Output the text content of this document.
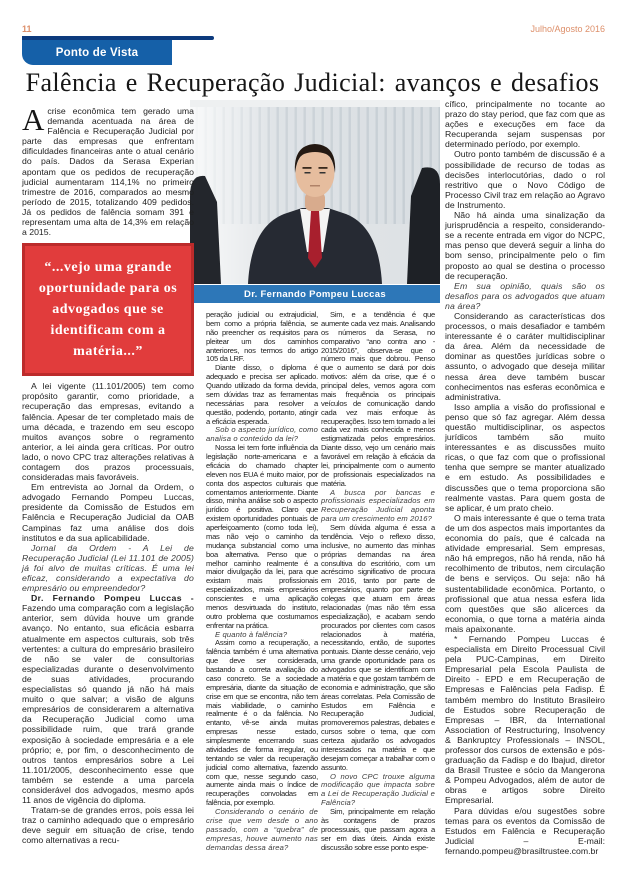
11	Julho/Agosto 2016
Ponto de Vista
Falência e Recuperação Judicial: avanços e desafios
Dr. Fernando Pompeu Luccas

Acrise econômica tem gerado uma demanda acentuada na área de Falência e Recuperação Judicial por parte das empresas que enfrentam dificuldades financeiras ante o atual cenário do país. Dados da Serasa Experian apontam que os pedidos de recuperação judicial aumentaram 114,1% no primeiro trimestre de 2016, comparados ao mesmo período de 2015, totalizando 409 pedidos. Já os pedidos de falência somam 391 e representam uma alta de 14,3% em relação a 2015.

“...vejo uma grande oportunidade para os advogados que se identificam com a matéria...”

A lei vigente (11.101/2005) tem como propósito garantir, como prioridade, a recuperação das empresas, evitando a falência. Apesar de ter completado mais de uma década, e trazendo em seu escopo muitos avanços sobre o regramento anterior, a lei ainda gera críticas. Por outro lado, o novo CPC traz alterações relativas à contagem dos prazos processuais, consideradas mais favoráveis.

Em entrevista ao Jornal da Ordem, o advogado Fernando Pompeu Luccas, presidente da Comissão de Estudos em Falência e Recuperação Judicial da OAB Campinas faz uma análise dos dois institutos e da sua aplicabilidade.

Jornal da Ordem - A Lei de Recuperação Judicial (Lei 11.101 de 2005) já foi alvo de muitas críticas. É uma lei eficaz, considerando a expectativa do empresário ou empreendedor?

Dr. Fernando Pompeu Luccas - Fazendo uma comparação com a legislação anterior, sem dúvida houve um grande avanço. No entanto, sua eficácia esbarra atualmente em aspectos culturais, sob três vertentes: a cultura do empresário brasileiro de não se valer de consultorias especializadas durante o desenvolvimento de suas atividades, procurando especialistas só quando já não há mais muito o que salvar; a visão de alguns empresários de considerarem a alternativa da Recuperação Judicial como uma possibilidade ruim, que trará grande exposição à sociedade empresária e a ele próprio; e, por fim, o desconhecimento de outros tantos empresários sobre a Lei 11.101/2005, desconhecimento esse que também se estende a uma parcela considerável dos advogados, mesmo após 11 anos de vigência do diploma.

Tratam-se de grandes erros, pois essa lei traz o caminho adequado que o empresário deve seguir em situação de crise, tendo como alternativas a recu-

peração judicial ou extrajudicial, bem como a própria falência, se não preencher os requisitos para pleitear um dos caminhos anteriores, nos termos do artigo 105 da LRF.

Diante disso, o diploma é adequado e precisa ser aplicado. Quando utilizado da forma devida, sem dúvidas traz as ferramentas necessárias para resolver a questão, podendo, portanto, atingir a eficácia esperada.

Sob o aspecto jurídico, como analisa o conteúdo da lei?

Nossa lei tem forte influência da legislação norte-americana e a eficácia do chamado chapter eleven nos EUA é muito maior, por conta dos aspectos culturais que comentamos anteriormente. Diante disso, minha análise sob o aspecto jurídico é positiva. Claro que existem oportunidades pontuais de aperfeiçoamento (como toda lei), mas não vejo o caminho da mudança substancial como uma boa alternativa. Penso que o melhor caminho realmente é a maior divulgação da lei, para que existam mais profissionais especializados, mais empresários conscientes e uma aplicação menos desvirtuada do instituto, outro problema que costumamos enfrentar na prática.

E quanto à falência?

Assim como a recuperação, a falência também é uma alternativa que deve ser considerada, bastando a correta avaliação do caso concreto. Se a sociedade empresária, diante da situação de crise em que se encontra, não tem mais viabilidade, o caminho realmente é o da falência. No entanto, vê-se ainda muitas empresas nesse estado, simplesmente encerrando suas atividades de forma irregular, ou tentando se valer da recuperação judicial como alternativa, fazendo com que, nesse segundo caso, aumente ainda mais o índice de recuperações convoladas em falência, por exemplo.

Considerando o cenário de crise que vem desde o ano passado, com a “quebra” de empresas, houve aumento nas demandas dessa área?

Sim, e a tendência é que aumente cada vez mais. Analisando os números da Serasa, no comparativo “ano contra ano - 2015/2016”, observa-se que o número mais que dobrou. Penso que o aumento se dará por dois motivos: além da crise, que é o principal deles, vemos agora com mais frequência os principais veículos de comunicação dando cada vez mais enfoque às recuperações. Isso tem tornado a lei cada vez mais conhecida e menos estigmatizada pelos empresários. Diante disso, vejo um cenário mais favorável em relação à eficácia da lei, principalmente com o aumento de profissionais especializados na matéria.

A busca por bancas e profissionais especializados em Recuperação Judicial aponta para um crescimento em 2016?

Sem dúvida alguma é essa a tendência. Vejo o reflexo disso, inclusive, no aumento das minhas próprias demandas na área consultiva do escritório, com um acréscimo significativo de procura em 2016, tanto por parte de empresários, quanto por parte de colegas que atuam em áreas relacionadas (mas não têm essa especialização), e acabam sendo procurados por clientes com casos relacionados à matéria, necessitando, então, de suportes pontuais. Diante desse cenário, vejo uma grande oportunidade para os advogados que se identificam com a matéria e que gostam também de economia e administração, que são áreas correlatas. Pela Comissão de Estudos em Falência e Recuperação Judicial, promoveremos palestras, debates e cursos sobre o tema, que com certeza ajudarão os advogados interessados na matéria e que desejam começar a trabalhar com o assunto.

O novo CPC trouxe alguma modificação que impacta sobre a Lei de Recuperação Judicial e Falência?

Sim, principalmente em relação às contagens de prazos processuais, que passam agora a ser em dias úteis. Ainda existe discussão sobre esse ponto espe-

cífico, principalmente no tocante ao prazo do stay period, que faz com que as ações e execuções em face da Recuperanda sejam suspensas por determinado período, por exemplo.

Outro ponto também de discussão é a possibilidade de recurso de todas as decisões interlocutórias, dado o rol restritivo que o Novo Código de Processo Civil traz em relação ao Agravo de Instrumento.

Não há ainda uma sinalização da jurisprudência a respeito, considerando-se a recente entrada em vigor do NCPC, mas penso que deverá seguir a linha do bom senso, principalmente pelo o fim proposto ao qual se destina o processo de recuperação.

Em sua opinião, quais são os desafios para os advogados que atuam na área?

Considerando as características dos processos, o mais desafiador e também interessante é o caráter multidisciplinar da área. Além da necessidade de dominar as questões jurídicas sobre o assunto, o advogado que deseja militar nessa área deve também buscar conhecimentos nas esferas econômica e administrativa.

Isso amplia a visão do profissional e penso que só faz agregar. Além dessa questão multidisciplinar, os aspectos jurídicos também são muito interessantes e as discussões muito ricas, o que faz com que o profissional tenha que sempre se manter atualizado e em estudo. As possibilidades e discussões que o tema proporciona são realmente vastas. Para quem gosta de se aplicar, é um prato cheio.

O mais interessante é que o tema trata de um dos aspectos mais importantes da economia do país, que é calcada na atividade empresarial. Sem empresas, não há empregos, não há renda, não há recolhimento de tributos, nem circulação de bens e serviços. Ou seja: não há sustentabilidade econômica. Portanto, o profissional que atua nessa esfera lida com questões que são alicerces da economia, o que torna a matéria ainda mais apaixonante.

* Fernando Pompeu Luccas é especialista em Direito Processual Civil pela PUC-Campinas, em Direito Empresarial pela Escola Paulista de Direito - EPD e em Recuperação de Empresas e Falências pela Fadisp. É também membro do Instituto Brasileiro de Estudos sobre Recuperação de Empresas – IBR, da International Association of Restructuring, Insolvency & Bankruptcy Professionals – INSOL, professor dos cursos de extensão e pós-graduação da Fadisp e do Ibajud, diretor da Brasil Trustee e sócio da Mangerona & Pompeu Advogados, além de autor de obras e artigos sobre Direito Empresarial.

Para dúvidas e/ou sugestões sobre temas para os eventos da Comissão de Estudos em Falência e Recuperação Judicial – E-mail: fernando.pompeu@brasiltrustee.com.br
